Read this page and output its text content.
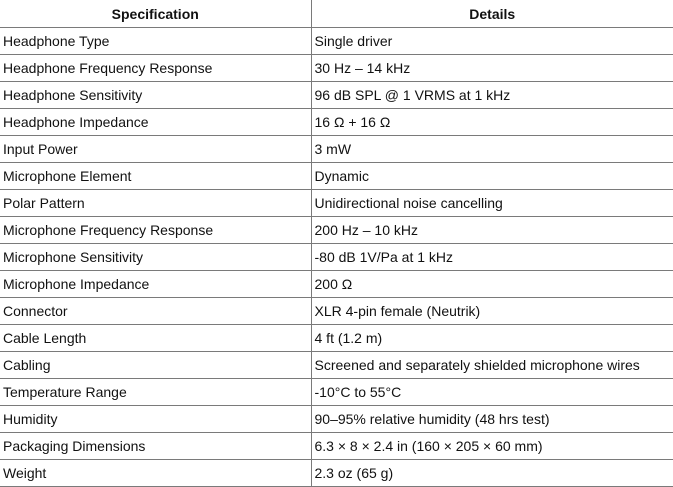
Specification	Details
Headphone Type	Single driver
Headphone Frequency Response	30 Hz – 14 kHz
Headphone Sensitivity	96 dB SPL @ 1 VRMS at 1 kHz
Headphone Impedance	16 Ω + 16 Ω
Input Power	3 mW
Microphone Element	Dynamic
Polar Pattern	Unidirectional noise cancelling
Microphone Frequency Response	200 Hz – 10 kHz
Microphone Sensitivity	-80 dB 1V/Pa at 1 kHz
Microphone Impedance	200 Ω
Connector	XLR 4-pin female (Neutrik)
Cable Length	4 ft (1.2 m)
Cabling	Screened and separately shielded microphone wires
Temperature Range	-10°C to 55°C
Humidity	90–95% relative humidity (48 hrs test)
Packaging Dimensions	6.3 × 8 × 2.4 in (160 × 205 × 60 mm)
Weight	2.3 oz (65 g)
